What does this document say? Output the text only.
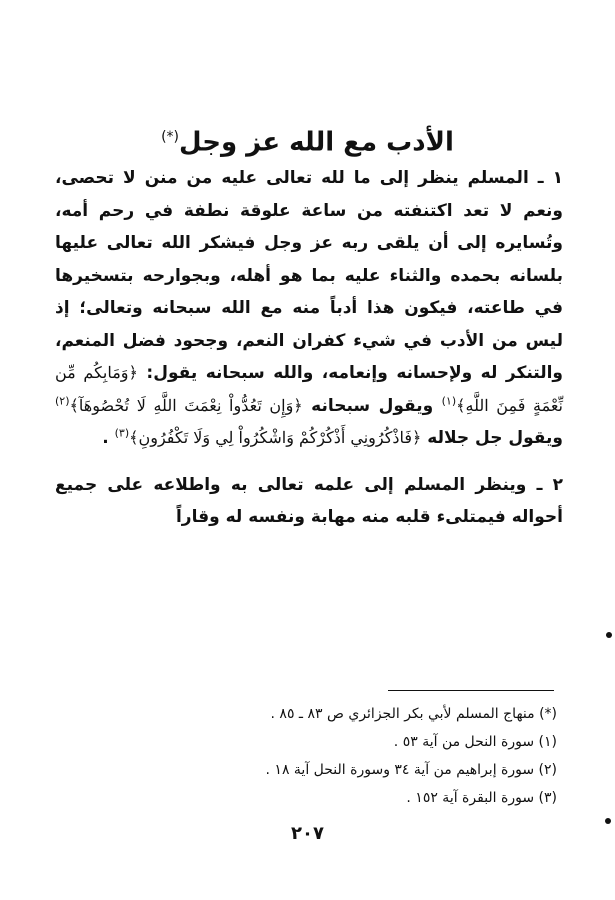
الأدب مع الله عز وجل(*)

١ ـ المسلم ينظر إلى ما لله تعالى عليه من منن لا تحصى، ونعم لا تعد اكتنفته من ساعة علوقة نطفة في رحم أمه، وتُسايره إلى أن يلقى ربه عز وجل فيشكر الله تعالى عليها بلسانه بحمده والثناء عليه بما هو أهله، وبجوارحه بتسخيرها في طاعته، فيكون هذا أدباً منه مع الله سبحانه وتعالى؛ إذ ليس من الأدب في شيء كفران النعم، وجحود فضل المنعم، والتنكر له ولإحسانه وإنعامه، والله سبحانه يقول: ﴿وَمَابِكُم مِّن نِّعْمَةٍ فَمِنَ اللَّهِ﴾$^{(١)}$ ويقول سبحانه ﴿وَإِن تَعُدُّواْ نِعْمَتَ اللَّهِ لَا تُحْصُوهَآ﴾$^{(٢)}$ ويقول جل جلاله ﴿فَاذْكُرُونِي أَذْكُرْكُمْ وَاشْكُرُواْ لِي وَلَا تَكْفُرُونِ﴾$^{(٣)}$ .

٢ ـ وينظر المسلم إلى علمه تعالى به واطلاعه على جميع أحواله فيمتلىء قلبه منه مهابة ونفسه له وقاراً

(*) منهاج المسلم لأبي بكر الجزائري ص ٨٣ ـ ٨٥ .
(١) سورة النحل من آية ٥٣ .
(٢) سورة إبراهيم من آية ٣٤ وسورة النحل آية ١٨ .
(٣) سورة البقرة آية ١٥٢ .
٢٠٧
